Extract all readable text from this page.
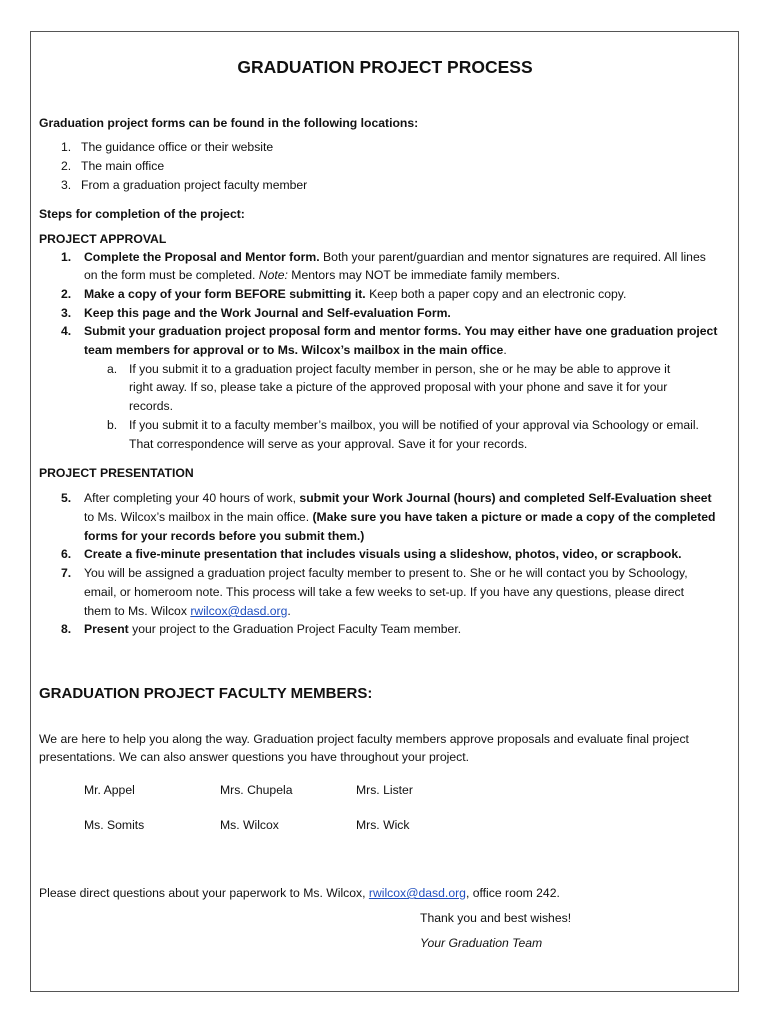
GRADUATION PROJECT PROCESS
Graduation project forms can be found in the following locations:
1. The guidance office or their website
2. The main office
3. From a graduation project faculty member
Steps for completion of the project:
PROJECT APPROVAL
1. Complete the Proposal and Mentor form. Both your parent/guardian and mentor signatures are required. All lines
on the form must be completed. Note: Mentors may NOT be immediate family members.
2. Make a copy of your form BEFORE submitting it. Keep both a paper copy and an electronic copy.
3. Keep this page and the Work Journal and Self-evaluation Form.
4. Submit your graduation project proposal form and mentor forms. You may either have one graduation project
team members for approval or to Ms. Wilcox’s mailbox in the main office.
a. If you submit it to a graduation project faculty member in person, she or he may be able to approve it
right away. If so, please take a picture of the approved proposal with your phone and save it for your
records.
b. If you submit it to a faculty member’s mailbox, you will be notified of your approval via Schoology or email.
That correspondence will serve as your approval. Save it for your records.
PROJECT PRESENTATION
5. After completing your 40 hours of work, submit your Work Journal (hours) and completed Self-Evaluation sheet
to Ms. Wilcox’s mailbox in the main office. (Make sure you have taken a picture or made a copy of the completed
forms for your records before you submit them.)
6. Create a five-minute presentation that includes visuals using a slideshow, photos, video, or scrapbook.
7. You will be assigned a graduation project faculty member to present to. She or he will contact you by Schoology,
email, or homeroom note. This process will take a few weeks to set-up. If you have any questions, please direct
them to Ms. Wilcox rwilcox@dasd.org.
8. Present your project to the Graduation Project Faculty Team member.
GRADUATION PROJECT FACULTY MEMBERS:
We are here to help you along the way. Graduation project faculty members approve proposals and evaluate final project
presentations. We can also answer questions you have throughout your project.
Mr. Appel	Mrs. Chupela	Mrs. Lister
Ms. Somits	Ms. Wilcox	Mrs. Wick
Please direct questions about your paperwork to Ms. Wilcox, rwilcox@dasd.org, office room 242.
Thank you and best wishes!
Your Graduation Team
